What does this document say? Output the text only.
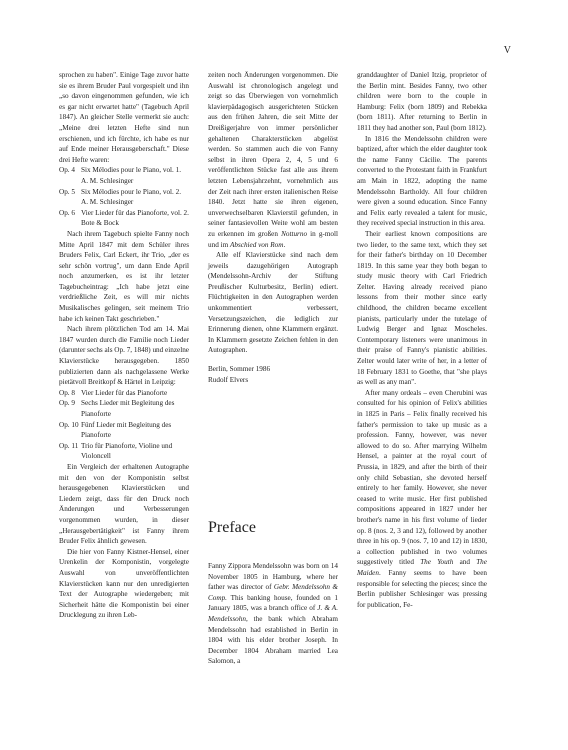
V

sprochen zu haben". Einige Tage zuvor hatte sie es ihrem Bruder Paul vorgespielt und ihn „so davon eingenommen gefunden, wie ich es gar nicht erwartet hatte" (Tagebuch April 1847). An gleicher Stelle vermerkt sie auch: „Meine drei letzten Hefte sind nun erschienen, und ich fürchte, ich habe es nur auf Ende meiner Herausgeberschaft." Diese drei Hefte waren:

Op. 4 Six Mélodies pour le Piano, vol. 1. A. M. Schlesinger
Op. 5 Six Mélodies pour le Piano, vol. 2. A. M. Schlesinger
Op. 6 Vier Lieder für das Pianoforte, vol. 2. Bote & Bock

Nach ihrem Tagebuch spielte Fanny noch Mitte April 1847 mit dem Schüler ihres Bruders Felix, Carl Eckert, ihr Trio, „der es sehr schön vortrug", um dann Ende April noch anzumerken, es ist ihr letzter Tagebucheintrag: „Ich habe jetzt eine verdrießliche Zeit, es will mir nichts Musikalisches gelingen, seit meinem Trio habe ich keinen Takt geschrieben."

Nach ihrem plötzlichen Tod am 14. Mai 1847 wurden durch die Familie noch Lieder (darunter sechs als Op. 7, 1848) und einzelne Klavierstücke herausgegeben. 1850 publizierten dann als nachgelassene Werke pietätvoll Breitkopf & Härtel in Leipzig:

Op. 8 Vier Lieder für das Pianoforte
Op. 9 Sechs Lieder mit Begleitung des Pianoforte
Op. 10 Fünf Lieder mit Begleitung des Pianoforte
Op. 11 Trio für Pianoforte, Violine und Violoncell

Ein Vergleich der erhaltenen Autographe mit den von der Komponistin selbst herausgegebenen Klavierstücken und Liedern zeigt, dass für den Druck noch Änderungen und Verbesserungen vorgenommen wurden, in dieser „Herausgebertätigkeit" ist Fanny ihrem Bruder Felix ähnlich gewesen.

Die hier von Fanny Kistner-Hensel, einer Urenkelin der Komponistin, vorgelegte Auswahl von unveröffentlichten Klavierstücken kann nur den unredigierten Text der Autographe wiedergeben; mit Sicherheit hätte die Komponistin bei einer Drucklegung zu ihren Leb-

zeiten noch Änderungen vorgenommen. Die Auswahl ist chronologisch angelegt und zeigt so das Überwiegen von vornehmlich klavierpädagogisch ausgerichteten Stücken aus den frühen Jahren, die seit Mitte der Dreißigerjahre von immer persönlicher gehaltenen Charakterstücken abgelöst werden. So stammen auch die von Fanny selbst in ihren Opera 2, 4, 5 und 6 veröffentlichten Stücke fast alle aus ihrem letzten Lebensjahrzehnt, vornehmlich aus der Zeit nach ihrer ersten italienischen Reise 1840. Jetzt hatte sie ihren eigenen, unverwechselbaren Klavierstil gefunden, in seiner fantasievollen Weite wohl am besten zu erkennen im großen Notturno in g-moll und im Abschied von Rom.

Alle elf Klavierstücke sind nach dem jeweils dazugehörigen Autograph (Mendelssohn-Archiv der Stiftung Preußischer Kulturbesitz, Berlin) ediert. Flüchtigkeiten in den Autographen werden unkommentiert verbessert, Versetzungszeichen, die lediglich zur Erinnerung dienen, ohne Klammern ergänzt. In Klammern gesetzte Zeichen fehlen in den Autographen.

Berlin, Sommer 1986
Rudolf Elvers
Preface

Fanny Zippora Mendelssohn was born on 14 November 1805 in Hamburg, where her father was director of Gebr. Mendelssohn & Comp. This banking house, founded on 1 January 1805, was a branch office of J. & A. Mendelssohn, the bank which Abraham Mendelssohn had established in Berlin in 1804 with his elder brother Joseph. In December 1804 Abraham married Lea Salomon, a

granddaughter of Daniel Itzig, proprietor of the Berlin mint. Besides Fanny, two other children were born to the couple in Hamburg: Felix (born 1809) and Rebekka (born 1811). After returning to Berlin in 1811 they had another son, Paul (born 1812).

In 1816 the Mendelssohn children were baptized, after which the elder daughter took the name Fanny Cäcilie. The parents converted to the Protestant faith in Frankfurt am Main in 1822, adopting the name Mendelssohn Bartholdy. All four children were given a sound education. Since Fanny and Felix early revealed a talent for music, they received special instruction in this area.

Their earliest known compositions are two lieder, to the same text, which they set for their father's birthday on 10 December 1819. In this same year they both began to study music theory with Carl Friedrich Zelter. Having already received piano lessons from their mother since early childhood, the children became excellent pianists, particularly under the tutelage of Ludwig Berger and Ignaz Moscheles. Contemporary listeners were unanimous in their praise of Fanny's pianistic abilities. Zelter would later write of her, in a letter of 18 February 1831 to Goethe, that "she plays as well as any man".

After many ordeals – even Cherubini was consulted for his opinion of Felix's abilities in 1825 in Paris – Felix finally received his father's permission to take up music as a profession. Fanny, however, was never allowed to do so. After marrying Wilhelm Hensel, a painter at the royal court of Prussia, in 1829, and after the birth of their only child Sebastian, she devoted herself entirely to her family. However, she never ceased to write music. Her first published compositions appeared in 1827 under her brother's name in his first volume of lieder op. 8 (nos. 2, 3 and 12), followed by another three in his op. 9 (nos. 7, 10 and 12) in 1830, a collection published in two volumes suggestively titled The Youth and The Maiden. Fanny seems to have been responsible for selecting the pieces; since the Berlin publisher Schlesinger was pressing for publication, Fe-
